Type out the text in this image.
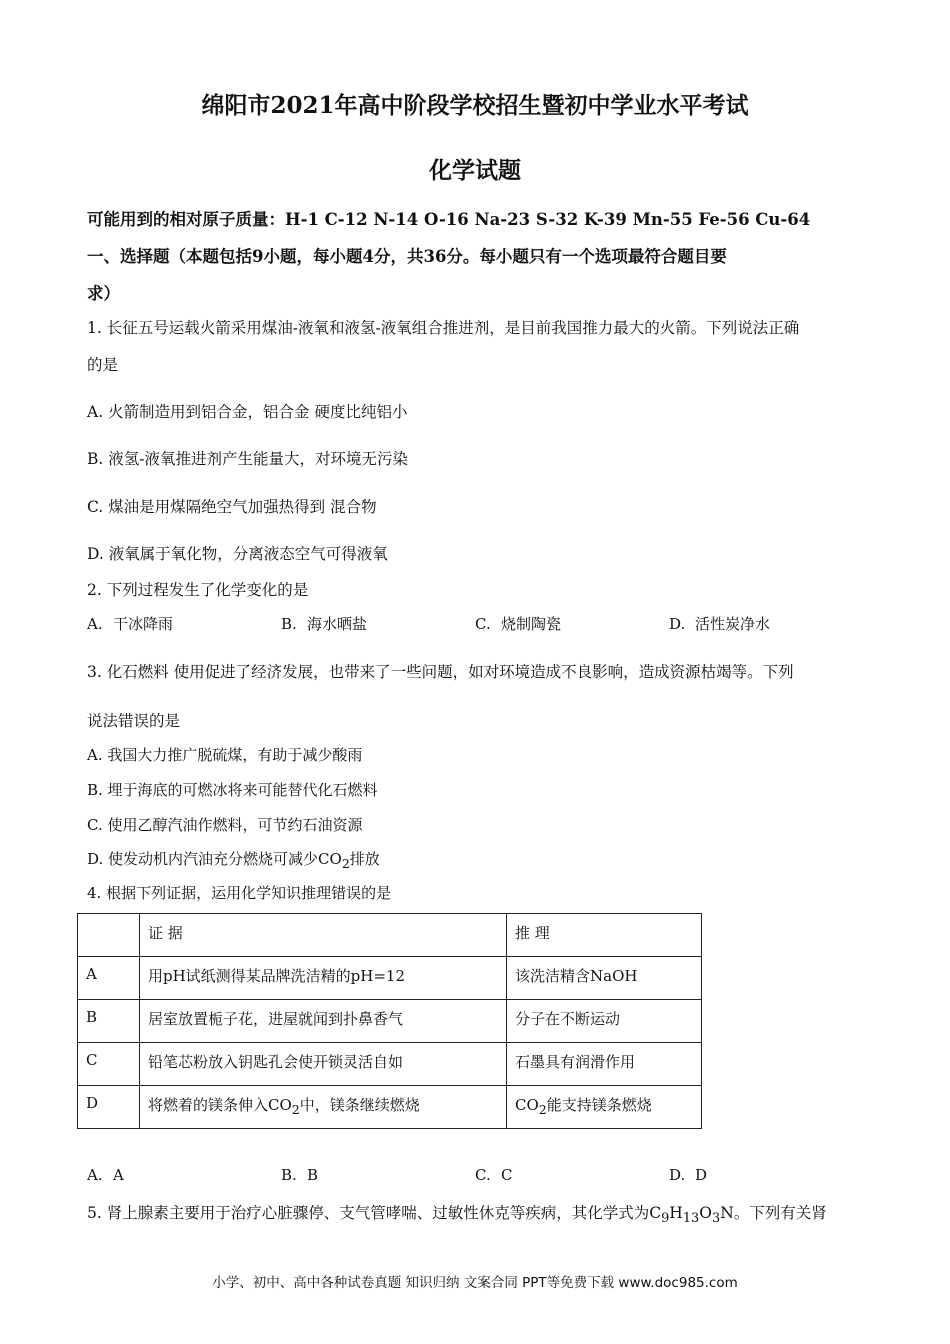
绵阳市2021年高中阶段学校招生暨初中学业水平考试
化学试题
可能用到的相对原子质量：H-1 C-12 N-14 O-16 Na-23 S-32 K-39 Mn-55 Fe-56 Cu-64
一、选择题（本题包括9小题，每小题4分，共36分。每小题只有一个选项最符合题目要
求）
1. 长征五号运载火箭采用煤油-液氧和液氢-液氧组合推进剂，是目前我国推力最大的火箭。下列说法正确
的是
A. 火箭制造用到铝合金，铝合金 硬度比纯铝小
B. 液氢-液氧推进剂产生能量大，对环境无污染
C. 煤油是用煤隔绝空气加强热得到 混合物
D. 液氧属于氧化物，分离液态空气可得液氧
2. 下列过程发生了化学变化的是
A. 干冰降雨	B. 海水晒盐	C. 烧制陶瓷	D. 活性炭净水
3. 化石燃料 使用促进了经济发展，也带来了一些问题，如对环境造成不良影响，造成资源枯竭等。下列
说法错误的是
A. 我国大力推广脱硫煤，有助于减少酸雨
B. 埋于海底的可燃冰将来可能替代化石燃料
C. 使用乙醇汽油作燃料，可节约石油资源
D. 使发动机内汽油充分燃烧可减少$CO_2$排放
4. 根据下列证据，运用化学知识推理错误的是
	证 据	推 理
A	用pH试纸测得某品牌洗洁精的pH=12	该洗洁精含NaOH
B	居室放置栀子花，进屋就闻到扑鼻香气	分子在不断运动
C	铅笔芯粉放入钥匙孔会使开锁灵活自如	石墨具有润滑作用
D	将燃着的镁条伸入$CO_2$中，镁条继续燃烧	$CO_2$能支持镁条燃烧
A. A	B. B	C. C	D. D
5. 肾上腺素主要用于治疗心脏骤停、支气管哮喘、过敏性休克等疾病，其化学式为$C_9H_{13}O_3N$。下列有关肾
小学、初中、高中各种试卷真题 知识归纳 文案合同 PPT等免费下载 www.doc985.com
